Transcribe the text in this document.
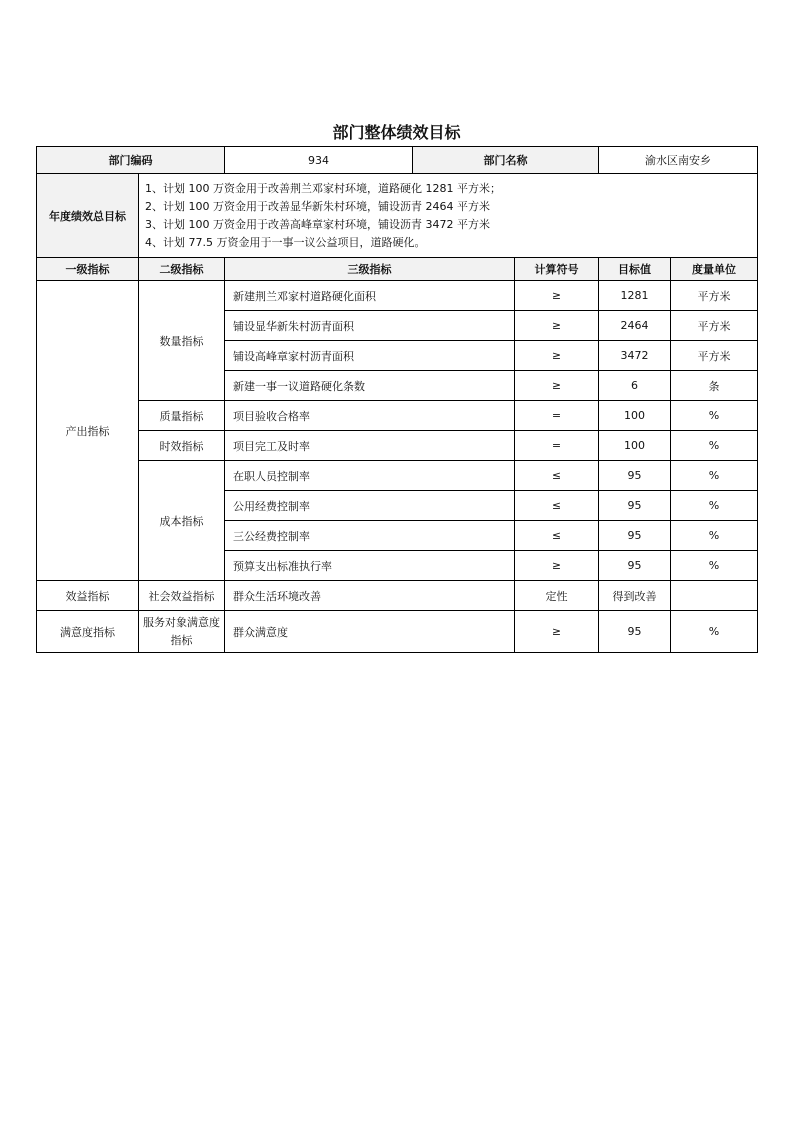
部门整体绩效目标
部门编码		934	部门名称		渝水区南安乡	
年度绩效总目标	1、计划 100 万资金用于改善荆兰邓家村环境，道路硬化 1281 平方米；
2、计划 100 万资金用于改善显华新朱村环境，铺设沥青 2464 平方米
3、计划 100 万资金用于改善高峰章家村环境，铺设沥青 3472 平方米
4、计划 77.5 万资金用于一事一议公益项目，道路硬化。					

一级指标	二级指标	三级指标		计算符号	目标值	度量单位
产出指标	数量指标	新建荆兰邓家村道路硬化面积		≥	1281	平方米
		铺设显华新朱村沥青面积		≥	2464	平方米
		铺设高峰章家村沥青面积		≥	3472	平方米
		新建一事一议道路硬化条数		≥	6	条
	质量指标	项目验收合格率		=	100	%
	时效指标	项目完工及时率		=	100	%
	成本指标	在职人员控制率		≤	95	%
		公用经费控制率		≤	95	%
		三公经费控制率		≤	95	%
		预算支出标准执行率		≥	95	%
效益指标	社会效益指标	群众生活环境改善		定性	得到改善	
满意度指标	服务对象满意度指标	群众满意度		≥	95	%
